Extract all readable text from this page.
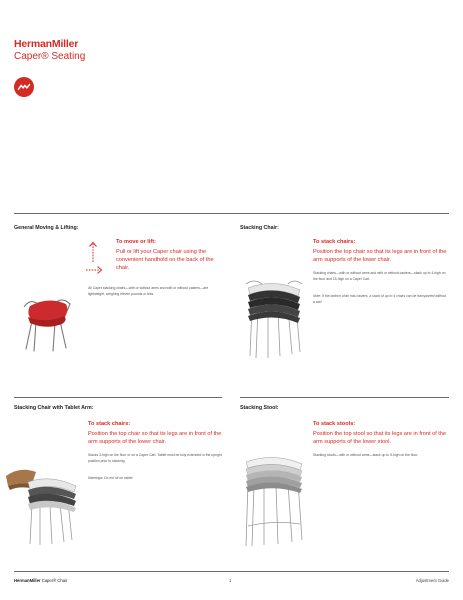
HermanMiller
Caper® Seating
General Moving & Lifting:
To move or lift:
Pull or lift your Caper chair using the convenient handhold on the back of the chair.
All Caper stacking chairs—with or without arms and with or without casters—are lightweight, weighing eleven pounds or less.
Stacking Chair:
To stack chairs:
Position the top chair so that its legs are in front of the arm supports of the lower chair.
Stacking chairs—with or without arms and with or without casters—stack up to 4-high on the floor and 15-high on a Caper Cart.
Note: If the bottom chair has casters, a stack of up to 4 chairs can be transported without a cart.
Stacking Chair with Tablet Arm:
To stack chairs:
Position the top chair so that its legs are in front of the arm supports of the lower chair.
Stacks 3-high on the floor or on a Caper Cart. Tablet must be fully extended in the upright position prior to stacking.
Warnings: Do not sit on tablet.
Stacking Stool:
To stack stools:
Position the top stool so that its legs are in front of the arm supports of the lower stool.
Stacking stools—with or without arms—stack up to 5-high on the floor.
HermanMiller Caper® Chair	1	Adjustment Guide
